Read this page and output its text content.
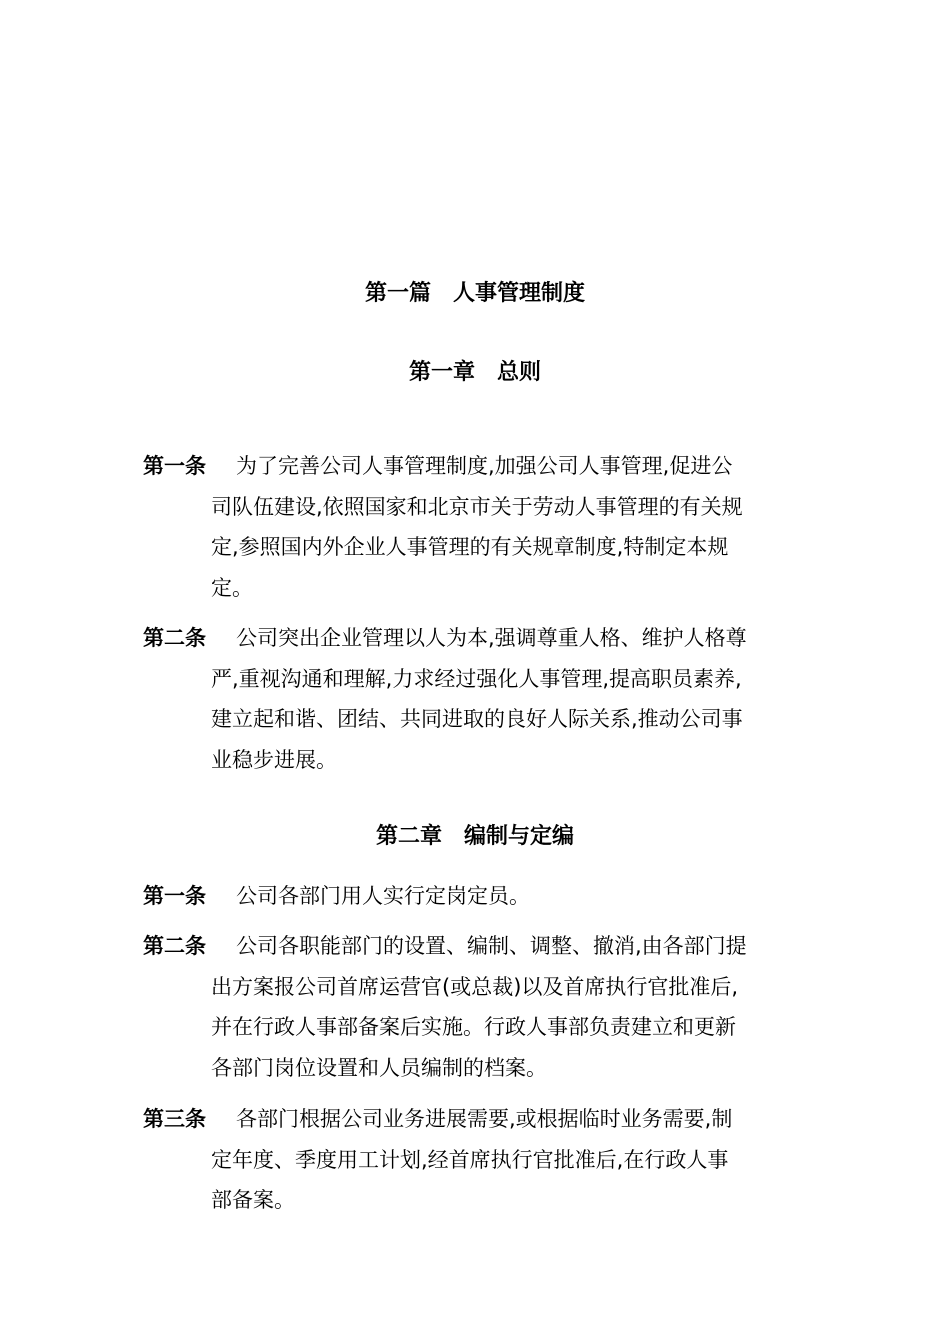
第一篇　人事管理制度
第一章　总则
第一条 为了完善公司人事管理制度,加强公司人事管理,促进公
司队伍建设,依照国家和北京市关于劳动人事管理的有关规
定,参照国内外企业人事管理的有关规章制度,特制定本规
定。
第二条 公司突出企业管理以人为本,强调尊重人格、维护人格尊
严,重视沟通和理解,力求经过强化人事管理,提高职员素养,
建立起和谐、团结、共同进取的良好人际关系,推动公司事
业稳步进展。
第二章　编制与定编
第一条 公司各部门用人实行定岗定员。
第二条 公司各职能部门的设置、编制、调整、撤消,由各部门提
出方案报公司首席运营官(或总裁)以及首席执行官批准后,
并在行政人事部备案后实施。行政人事部负责建立和更新
各部门岗位设置和人员编制的档案。
第三条 各部门根据公司业务进展需要,或根据临时业务需要,制
定年度、季度用工计划,经首席执行官批准后,在行政人事
部备案。
